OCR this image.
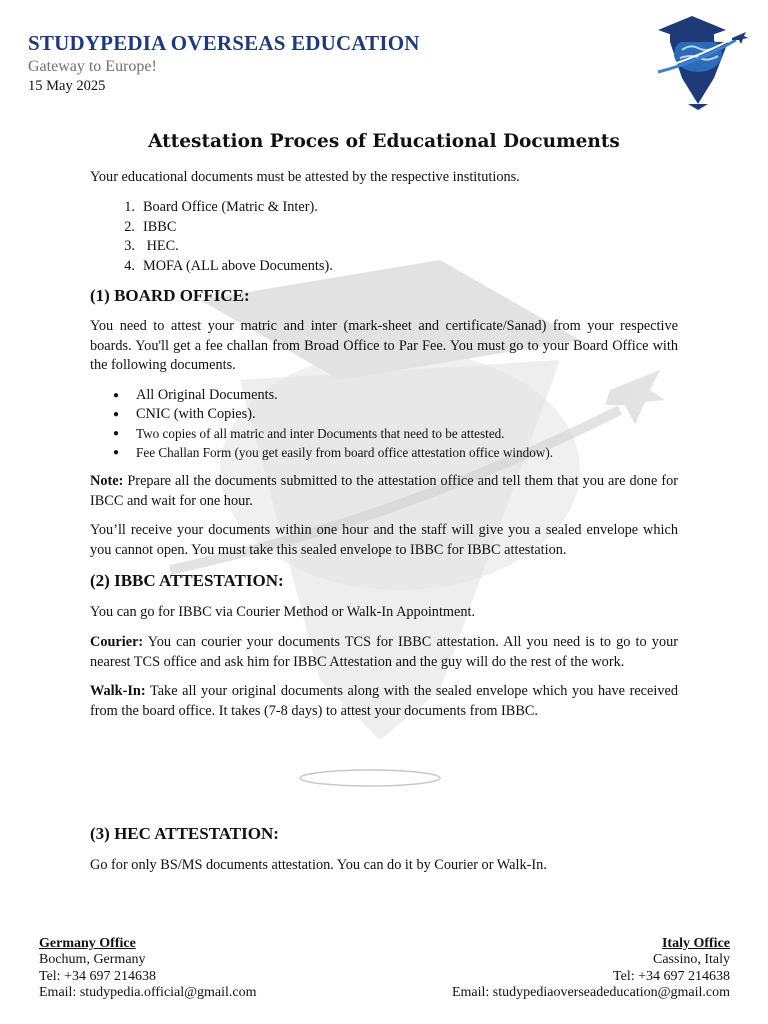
STUDYPEDIA OVERSEAS EDUCATION
Gateway to Europe!
15 May 2025
Attestation Proces of Educational Documents

Your educational documents must be attested by the respective institutions.

1. Board Office (Matric & Inter).
2. IBBC
3. HEC.
4. MOFA (ALL above Documents).
(1) BOARD OFFICE:

You need to attest your matric and inter (mark-sheet and certificate/Sanad) from your respective boards. You'll get a fee challan from Broad Office to Par Fee. You must go to your Board Office with the following documents.

●	All Original Documents.
●	CNIC (with Copies).
●	Two copies of all matric and inter Documents that need to be attested.
●	Fee Challan Form (you get easily from board office attestation office window).

Note: Prepare all the documents submitted to the attestation office and tell them that you are done for IBCC and wait for one hour.

You’ll receive your documents within one hour and the staff will give you a sealed envelope which you cannot open. You must take this sealed envelope to IBBC for IBBC attestation.

(2) IBBC ATTESTATION:

You can go for IBBC via Courier Method or Walk-In Appointment.

Courier: You can courier your documents TCS for IBBC attestation. All you need is to go to your nearest TCS office and ask him for IBBC Attestation and the guy will do the rest of the work.

Walk-In: Take all your original documents along with the sealed envelope which you have received from the board office. It takes (7-8 days) to attest your documents from IBBC.

(3) HEC ATTESTATION:

Go for only BS/MS documents attestation. You can do it by Courier or Walk-In.

Germany Office
Bochum, Germany
Tel: +34 697 214638
Email: studypedia.official@gmail.com
Italy Office
Cassino, Italy
Tel: +34 697 214638
Email: studypediaoverseadeducation@gmail.com
